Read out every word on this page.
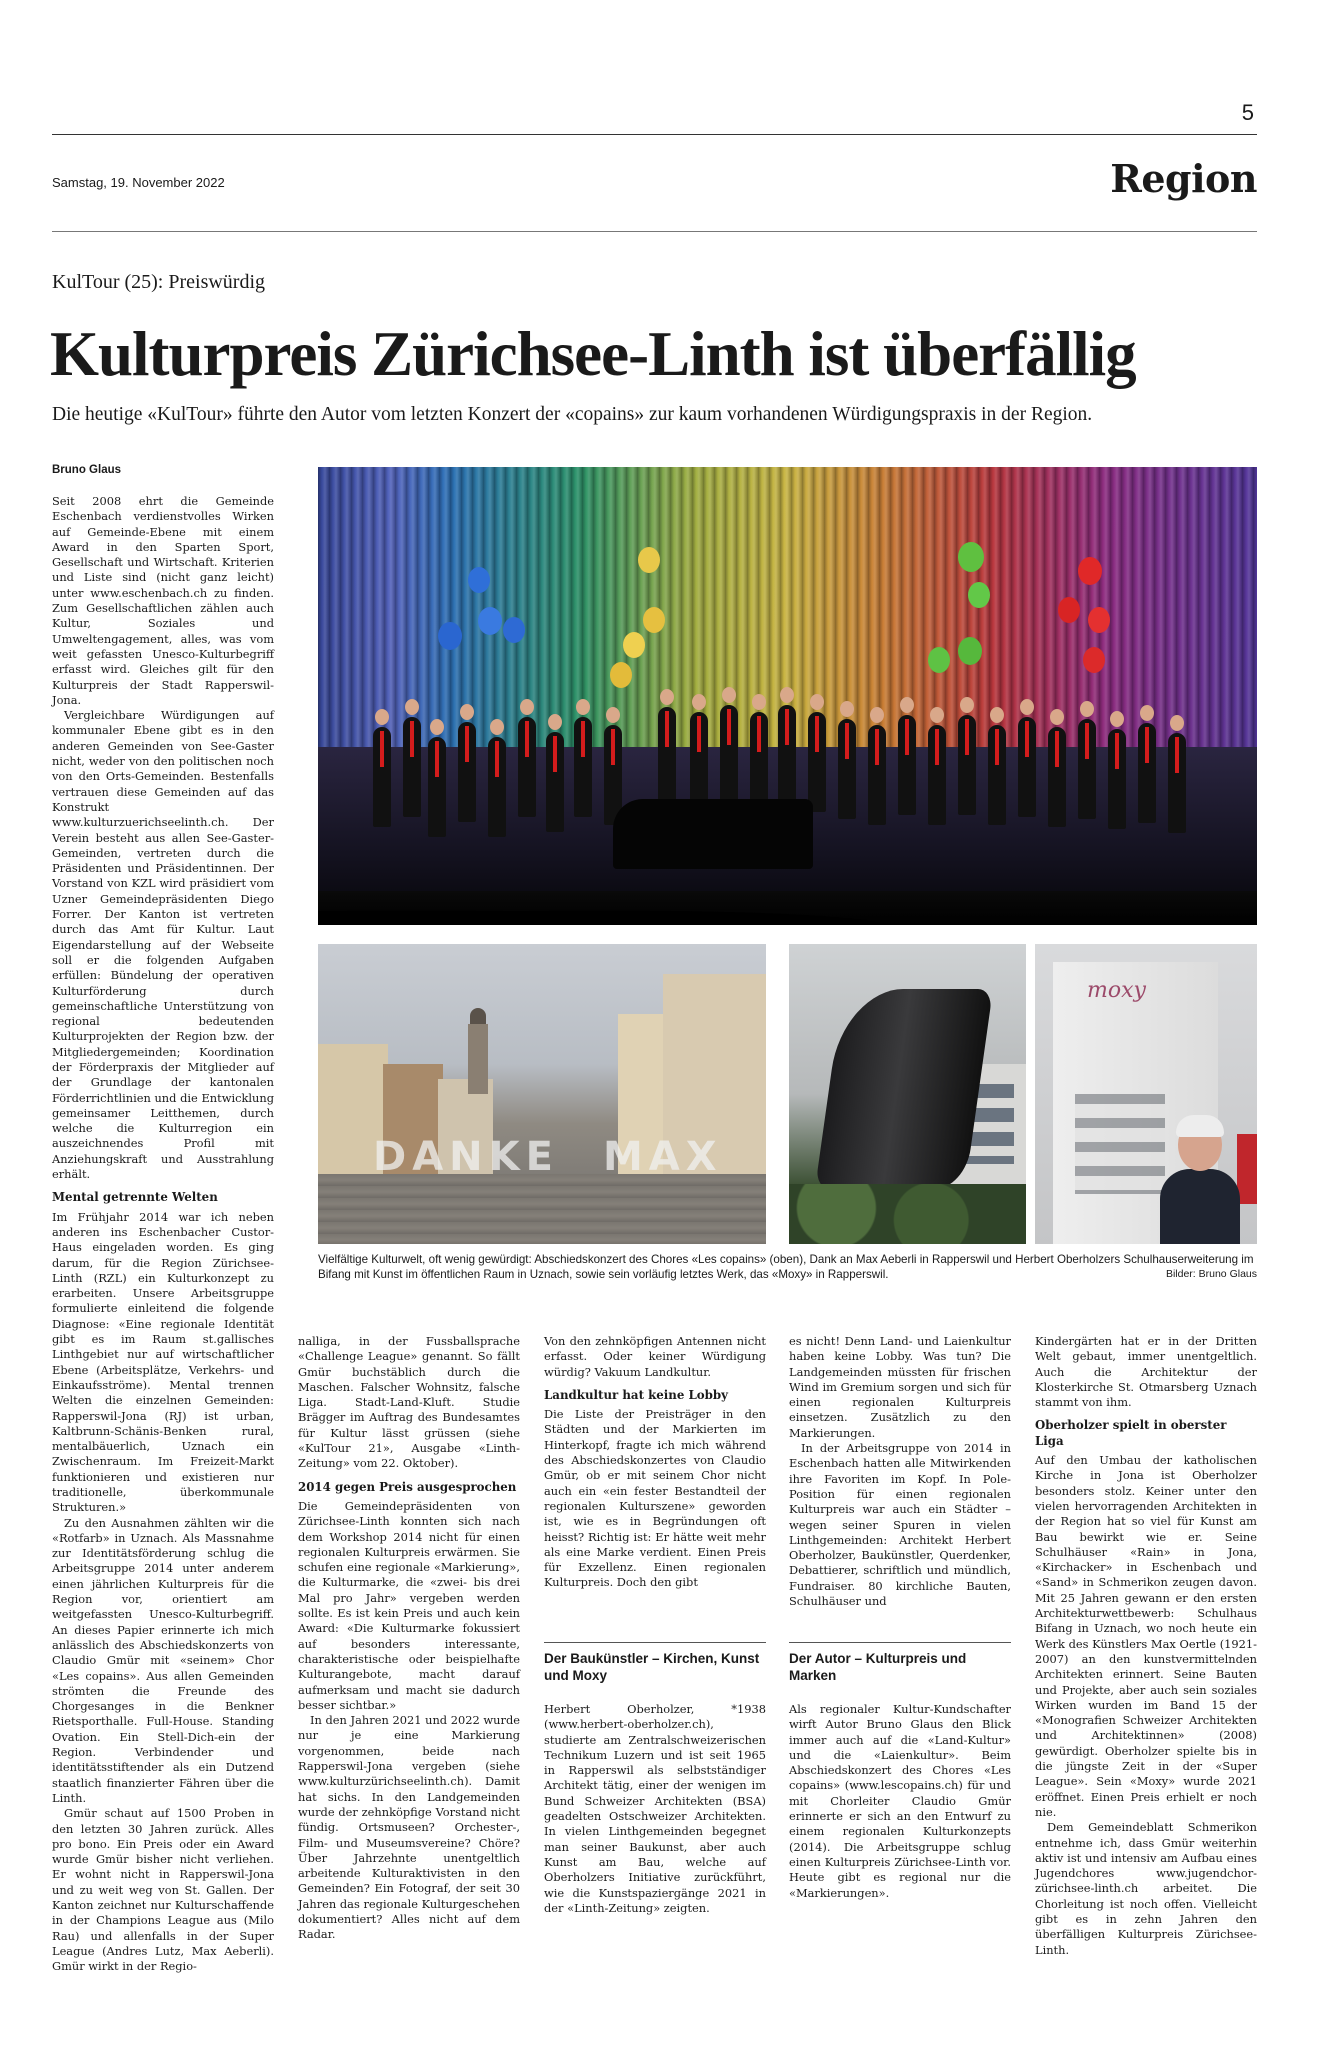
5
Samstag, 19. November 2022	Region
KulTour (25): Preiswürdig
Kulturpreis Zürichsee-Linth ist überfällig
Die heutige «KulTour» führte den Autor vom letzten Konzert der «copains» zur kaum vorhandenen Würdigungspraxis in der Region.
Bruno Glaus

Seit 2008 ehrt die Gemeinde Eschenbach verdienstvolles Wirken auf Gemeinde-Ebene mit einem Award in den Sparten Sport, Gesellschaft und Wirtschaft. Kriterien und Liste sind (nicht ganz leicht) unter www.eschenbach.ch zu finden. Zum Gesellschaftlichen zählen auch Kultur, Soziales und Umweltengagement, alles, was vom weit gefassten Unesco-Kulturbegriff erfasst wird. Gleiches gilt für den Kulturpreis der Stadt Rapperswil-Jona.

Vergleichbare Würdigungen auf kommunaler Ebene gibt es in den anderen Gemeinden von See-Gaster nicht, weder von den politischen noch von den Orts-Gemeinden. Bestenfalls vertrauen diese Gemeinden auf das Konstrukt www.kulturzuerichseelinth.ch. Der Verein besteht aus allen See-Gaster-Gemeinden, vertreten durch die Präsidenten und Präsidentinnen. Der Vorstand von KZL wird präsidiert vom Uzner Gemeindepräsidenten Diego Forrer. Der Kanton ist vertreten durch das Amt für Kultur. Laut Eigendarstellung auf der Webseite soll er die folgenden Aufgaben erfüllen: Bündelung der operativen Kulturförderung durch gemeinschaftliche Unterstützung von regional bedeutenden Kulturprojekten der Region bzw. der Mitgliedergemeinden; Koordination der Förderpraxis der Mitglieder auf der Grundlage der kantonalen Förderrichtlinien und die Entwicklung gemeinsamer Leitthemen, durch welche die Kulturregion ein auszeichnendes Profil mit Anziehungskraft und Ausstrahlung erhält.

Mental getrennte Welten

Im Frühjahr 2014 war ich neben anderen ins Eschenbacher Custor-Haus eingeladen worden. Es ging darum, für die Region Zürichsee-Linth (RZL) ein Kulturkonzept zu erarbeiten. Unsere Arbeitsgruppe formulierte einleitend die folgende Diagnose: «Eine regionale Identität gibt es im Raum st.gallisches Linthgebiet nur auf wirtschaftlicher Ebene (Arbeitsplätze, Verkehrs- und Einkaufsströme). Mental trennen Welten die einzelnen Gemeinden: Rapperswil-Jona (RJ) ist urban, Kaltbrunn-Schänis-Benken rural, mentalbäuerlich, Uznach ein Zwischenraum. Im Freizeit-Markt funktionieren und existieren nur traditionelle, überkommunale Strukturen.»

Zu den Ausnahmen zählten wir die «Rotfarb» in Uznach. Als Massnahme zur Identitätsförderung schlug die Arbeitsgruppe 2014 unter anderem einen jährlichen Kulturpreis für die Region vor, orientiert am weitgefassten Unesco-Kulturbegriff. An dieses Papier erinnerte ich mich anlässlich des Abschiedskonzerts von Claudio Gmür mit «seinem» Chor «Les copains». Aus allen Gemeinden strömten die Freunde des Chorgesanges in die Benkner Rietsporthalle. Full-House. Standing Ovation. Ein Stell-Dich-ein der Region. Verbindender und identitätsstiftender als ein Dutzend staatlich finanzierter Fähren über die Linth.

Gmür schaut auf 1500 Proben in den letzten 30 Jahren zurück. Alles pro bono. Ein Preis oder ein Award wurde Gmür bisher nicht verliehen. Er wohnt nicht in Rapperswil-Jona und zu weit weg von St. Gallen. Der Kanton zeichnet nur Kulturschaffende in der Champions League aus (Milo Rau) und allenfalls in der Super League (Andres Lutz, Max Aeberli). Gmür wirkt in der Regio-

DANKE MAX
moxy
Vielfältige Kulturwelt, oft wenig gewürdigt: Abschiedskonzert des Chores «Les copains» (oben), Dank an Max Aeberli in Rapperswil und Herbert Oberholzers Schulhauserweiterung im Bifang mit Kunst im öffentlichen Raum in Uznach, sowie sein vorläufig letztes Werk, das «Moxy» in Rapperswil.	Bilder: Bruno Glaus

nalliga, in der Fussballsprache «Challenge League» genannt. So fällt Gmür buchstäblich durch die Maschen. Falscher Wohnsitz, falsche Liga. Stadt-Land-Kluft. Studie Brägger im Auftrag des Bundesamtes für Kultur lässt grüssen (siehe «KulTour 21», Ausgabe «Linth-Zeitung» vom 22. Oktober).

2014 gegen Preis ausgesprochen

Die Gemeindepräsidenten von Zürichsee-Linth konnten sich nach dem Workshop 2014 nicht für einen regionalen Kulturpreis erwärmen. Sie schufen eine regionale «Markierung», die Kulturmarke, die «zwei- bis drei Mal pro Jahr» vergeben werden sollte. Es ist kein Preis und auch kein Award: «Die Kulturmarke fokussiert auf besonders interessante, charakteristische oder beispielhafte Kulturangebote, macht darauf aufmerksam und macht sie dadurch besser sichtbar.»

In den Jahren 2021 und 2022 wurde nur je eine Markierung vorgenommen, beide nach Rapperswil-Jona vergeben (siehe www.kulturzürichseelinth.ch). Damit hat sichs. In den Landgemeinden wurde der zehnköpfige Vorstand nicht fündig. Ortsmuseen? Orchester-, Film- und Museumsvereine? Chöre? Über Jahrzehnte unentgeltlich arbeitende Kulturaktivisten in den Gemeinden? Ein Fotograf, der seit 30 Jahren das regionale Kulturgeschehen dokumentiert? Alles nicht auf dem Radar.

Von den zehnköpfigen Antennen nicht erfasst. Oder keiner Würdigung würdig? Vakuum Landkultur.

Landkultur hat keine Lobby

Die Liste der Preisträger in den Städten und der Markierten im Hinterkopf, fragte ich mich während des Abschiedskonzertes von Claudio Gmür, ob er mit seinem Chor nicht auch ein «ein fester Bestandteil der regionalen Kulturszene» geworden ist, wie es in Begründungen oft heisst? Richtig ist: Er hätte weit mehr als eine Marke verdient. Einen Preis für Exzellenz. Einen regionalen Kulturpreis. Doch den gibt

es nicht! Denn Land- und Laienkultur haben keine Lobby. Was tun? Die Landgemeinden müssten für frischen Wind im Gremium sorgen und sich für einen regionalen Kulturpreis einsetzen. Zusätzlich zu den Markierungen.

In der Arbeitsgruppe von 2014 in Eschenbach hatten alle Mitwirkenden ihre Favoriten im Kopf. In Pole-Position für einen regionalen Kulturpreis war auch ein Städter – wegen seiner Spuren in vielen Linthgemeinden: Architekt Herbert Oberholzer, Baukünstler, Querdenker, Debattierer, schriftlich und mündlich, Fundraiser. 80 kirchliche Bauten, Schulhäuser und

Der Baukünstler – Kirchen, Kunst und Moxy
Herbert Oberholzer, *1938 (www.herbert-oberholzer.ch), studierte am Zentralschweizerischen Technikum Luzern und ist seit 1965 in Rapperswil als selbstständiger Architekt tätig, einer der wenigen im Bund Schweizer Architekten (BSA) geadelten Ostschweizer Architekten. In vielen Linthgemeinden begegnet man seiner Baukunst, aber auch Kunst am Bau, welche auf Oberholzers Initiative zurückführt, wie die Kunstspaziergänge 2021 in der «Linth-Zeitung» zeigten.
Der Autor – Kulturpreis und Marken
Als regionaler Kultur-Kundschafter wirft Autor Bruno Glaus den Blick immer auch auf die «Land-Kultur» und die «Laienkultur». Beim Abschiedskonzert des Chores «Les copains» (www.lescopains.ch) für und mit Chorleiter Claudio Gmür erinnerte er sich an den Entwurf zu einem regionalen Kulturkonzepts (2014). Die Arbeitsgruppe schlug einen Kulturpreis Zürichsee-Linth vor. Heute gibt es regional nur die «Markierungen».

Kindergärten hat er in der Dritten Welt gebaut, immer unentgeltlich. Auch die Architektur der Klosterkirche St. Otmarsberg Uznach stammt von ihm.

Oberholzer spielt in oberster Liga

Auf den Umbau der katholischen Kirche in Jona ist Oberholzer besonders stolz. Keiner unter den vielen hervorragenden Architekten in der Region hat so viel für Kunst am Bau bewirkt wie er. Seine Schulhäuser «Rain» in Jona, «Kirchacker» in Eschenbach und «Sand» in Schmerikon zeugen davon. Mit 25 Jahren gewann er den ersten Architekturwettbewerb: Schulhaus Bifang in Uznach, wo noch heute ein Werk des Künstlers Max Oertle (1921-2007) an den kunstvermittelnden Architekten erinnert. Seine Bauten und Projekte, aber auch sein soziales Wirken wurden im Band 15 der «Monografien Schweizer Architekten und Architektinnen» (2008) gewürdigt. Oberholzer spielte bis in die jüngste Zeit in der «Super League». Sein «Moxy» wurde 2021 eröffnet. Einen Preis erhielt er noch nie.

Dem Gemeindeblatt Schmerikon entnehme ich, dass Gmür weiterhin aktiv ist und intensiv am Aufbau eines Jugendchores www.jugendchor-zürichsee-linth.ch arbeitet. Die Chorleitung ist noch offen. Vielleicht gibt es in zehn Jahren den überfälligen Kulturpreis Zürichsee-Linth.
